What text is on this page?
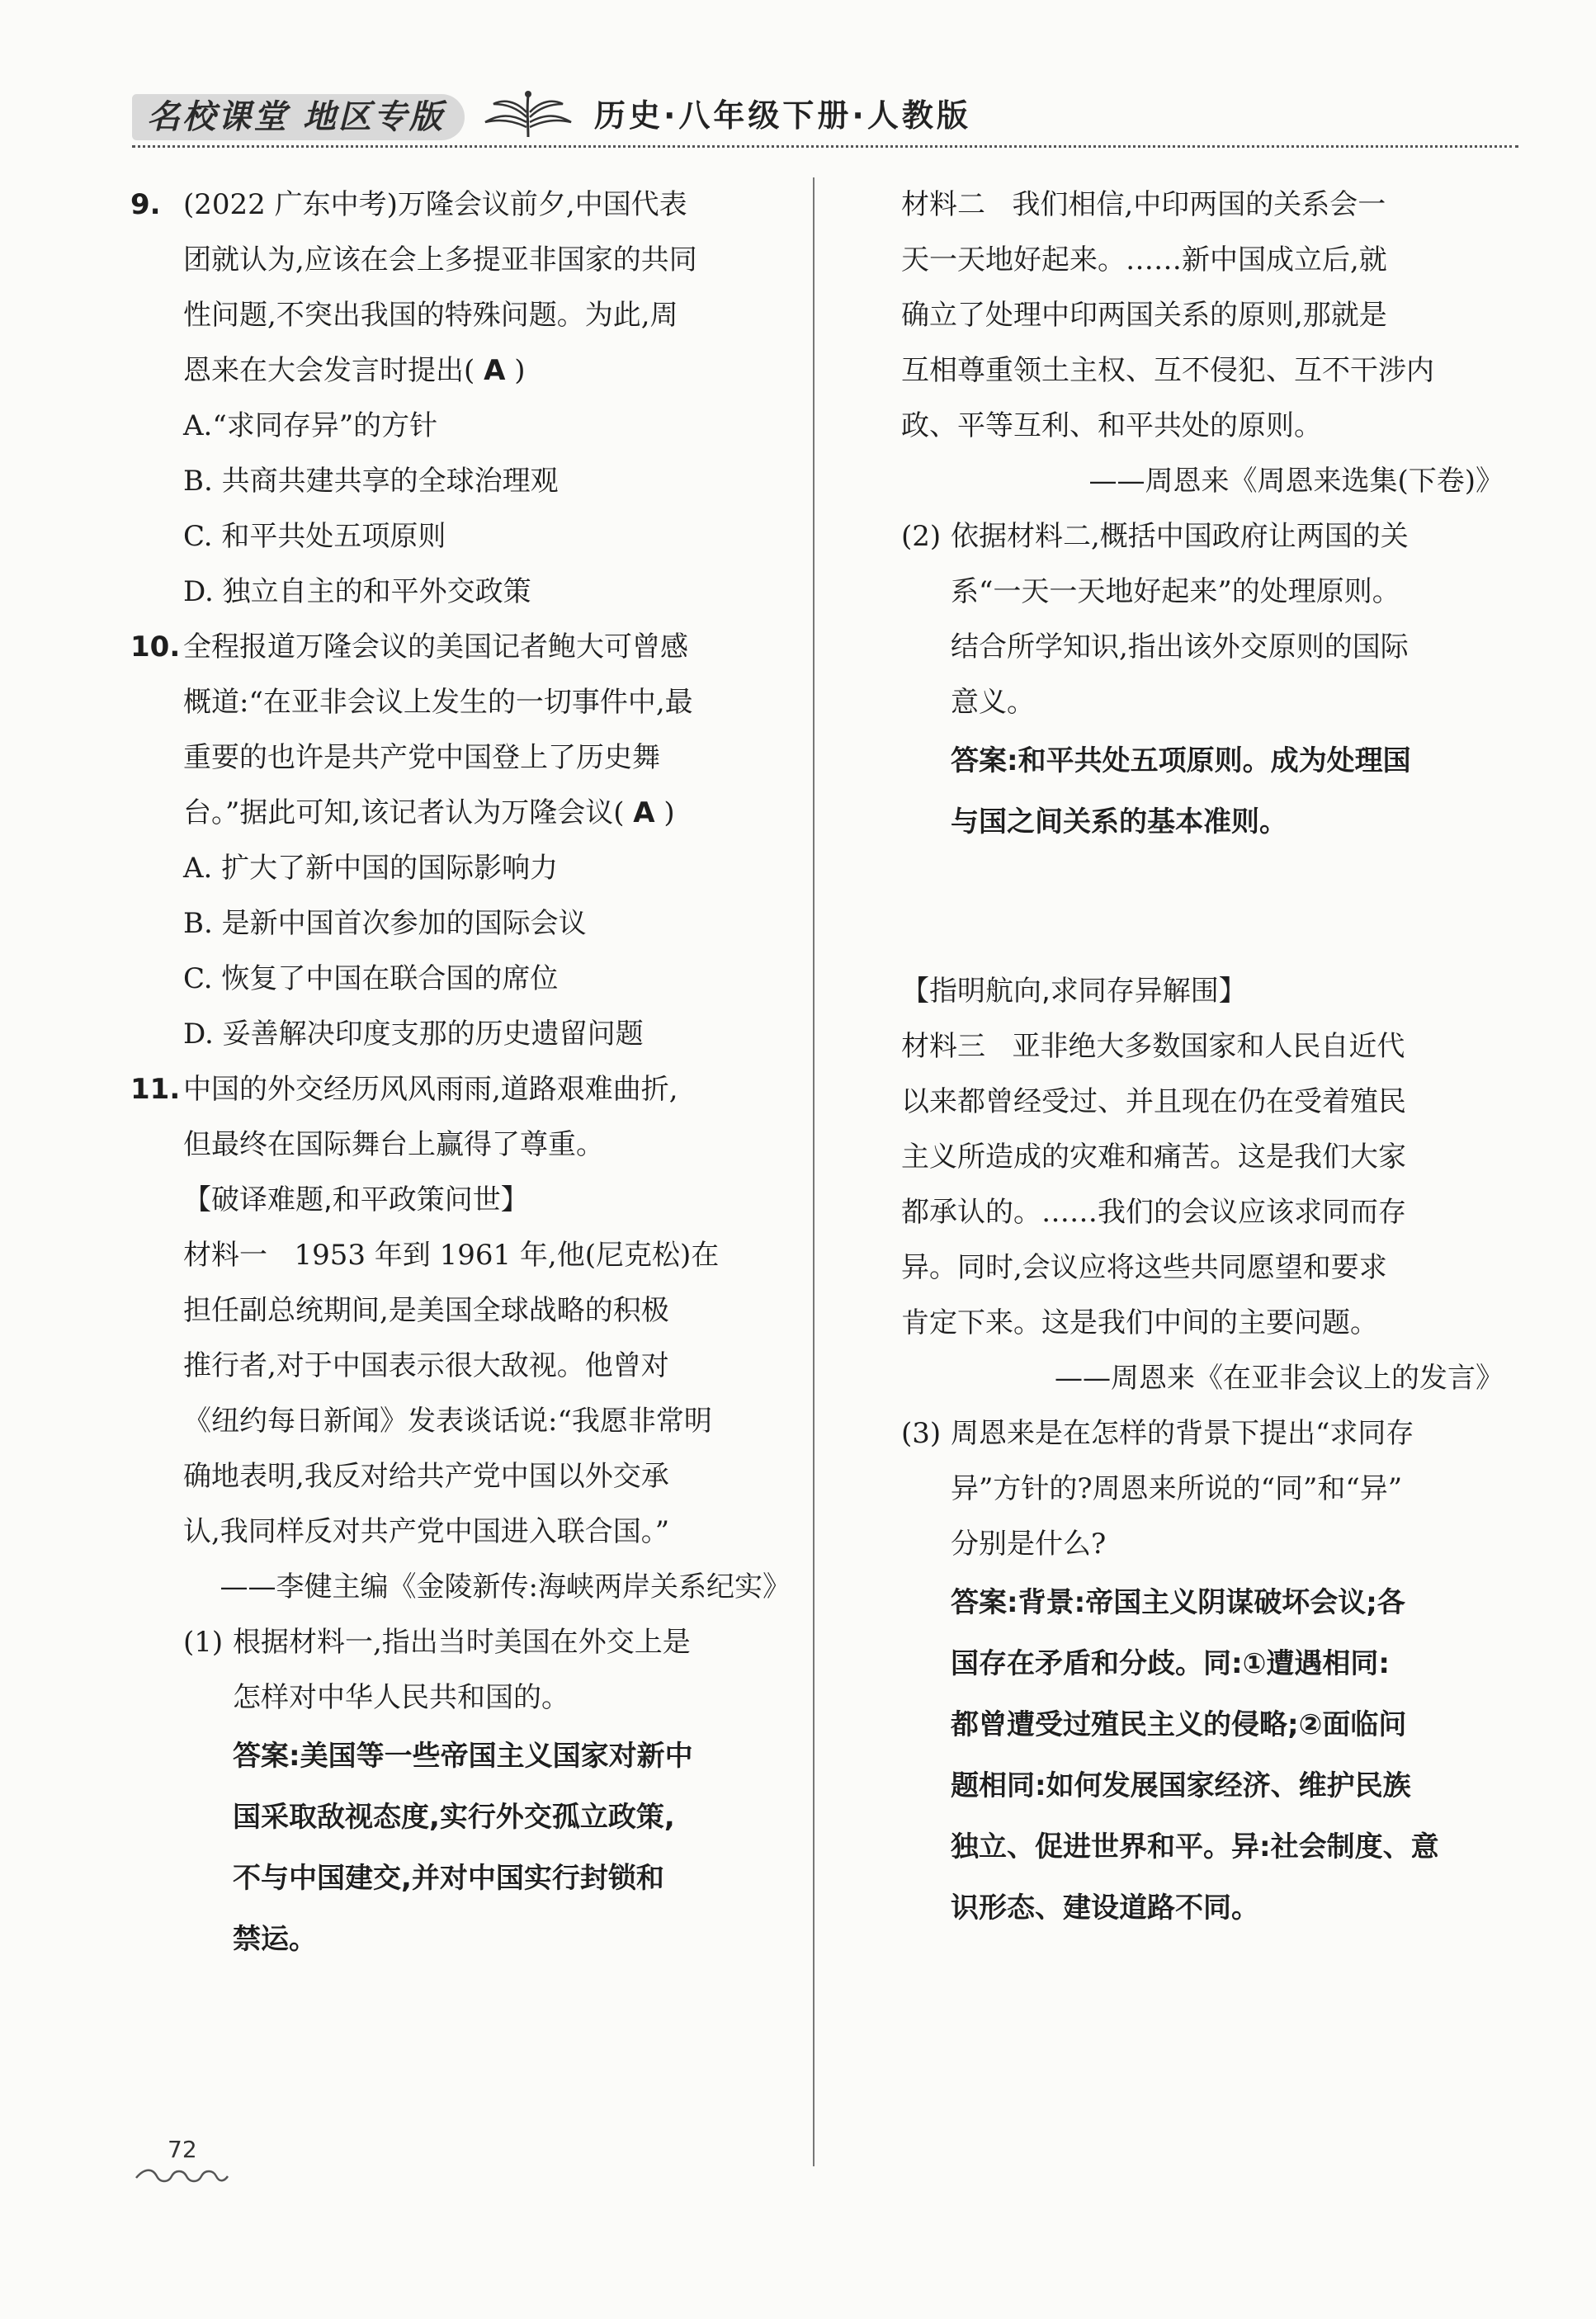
名校课堂 地区专版	历史·八年级下册·人教版
9. (2022 广东中考)万隆会议前夕,中国代表

团就认为,应该在会上多提亚非国家的共同

性问题,不突出我国的特殊问题。为此,周

恩来在大会发言时提出( A )

A.“求同存异”的方针

B. 共商共建共享的全球治理观

C. 和平共处五项原则

D. 独立自主的和平外交政策

10. 全程报道万隆会议的美国记者鲍大可曾感

概道:“在亚非会议上发生的一切事件中,最

重要的也许是共产党中国登上了历史舞

台。”据此可知,该记者认为万隆会议( A )

A. 扩大了新中国的国际影响力

B. 是新中国首次参加的国际会议

C. 恢复了中国在联合国的席位

D. 妥善解决印度支那的历史遗留问题

11. 中国的外交经历风风雨雨,道路艰难曲折,

但最终在国际舞台上赢得了尊重。

【破译难题,和平政策问世】

材料一 1953 年到 1961 年,他(尼克松)在

担任副总统期间,是美国全球战略的积极

推行者,对于中国表示很大敌视。他曾对

《纽约每日新闻》发表谈话说:“我愿非常明

确地表明,我反对给共产党中国以外交承

认,我同样反对共产党中国进入联合国。”

——李健主编《金陵新传:海峡两岸关系纪实》

(1) 根据材料一,指出当时美国在外交上是

怎样对中华人民共和国的。

答案:美国等一些帝国主义国家对新中

国采取敌视态度,实行外交孤立政策,

不与中国建交,并对中国实行封锁和

禁运。

材料二 我们相信,中印两国的关系会一

天一天地好起来。……新中国成立后,就

确立了处理中印两国关系的原则,那就是

互相尊重领土主权、互不侵犯、互不干涉内

政、平等互利、和平共处的原则。

——周恩来《周恩来选集(下卷)》

(2) 依据材料二,概括中国政府让两国的关

系“一天一天地好起来”的处理原则。

结合所学知识,指出该外交原则的国际

意义。

答案:和平共处五项原则。成为处理国

与国之间关系的基本准则。

【指明航向,求同存异解围】

材料三 亚非绝大多数国家和人民自近代

以来都曾经受过、并且现在仍在受着殖民

主义所造成的灾难和痛苦。这是我们大家

都承认的。……我们的会议应该求同而存

异。同时,会议应将这些共同愿望和要求

肯定下来。这是我们中间的主要问题。

——周恩来《在亚非会议上的发言》

(3) 周恩来是在怎样的背景下提出“求同存

异”方针的?周恩来所说的“同”和“异”

分别是什么?

答案:背景:帝国主义阴谋破坏会议;各

国存在矛盾和分歧。同:①遭遇相同:

都曾遭受过殖民主义的侵略;②面临问

题相同:如何发展国家经济、维护民族

独立、促进世界和平。异:社会制度、意

识形态、建设道路不同。

72
